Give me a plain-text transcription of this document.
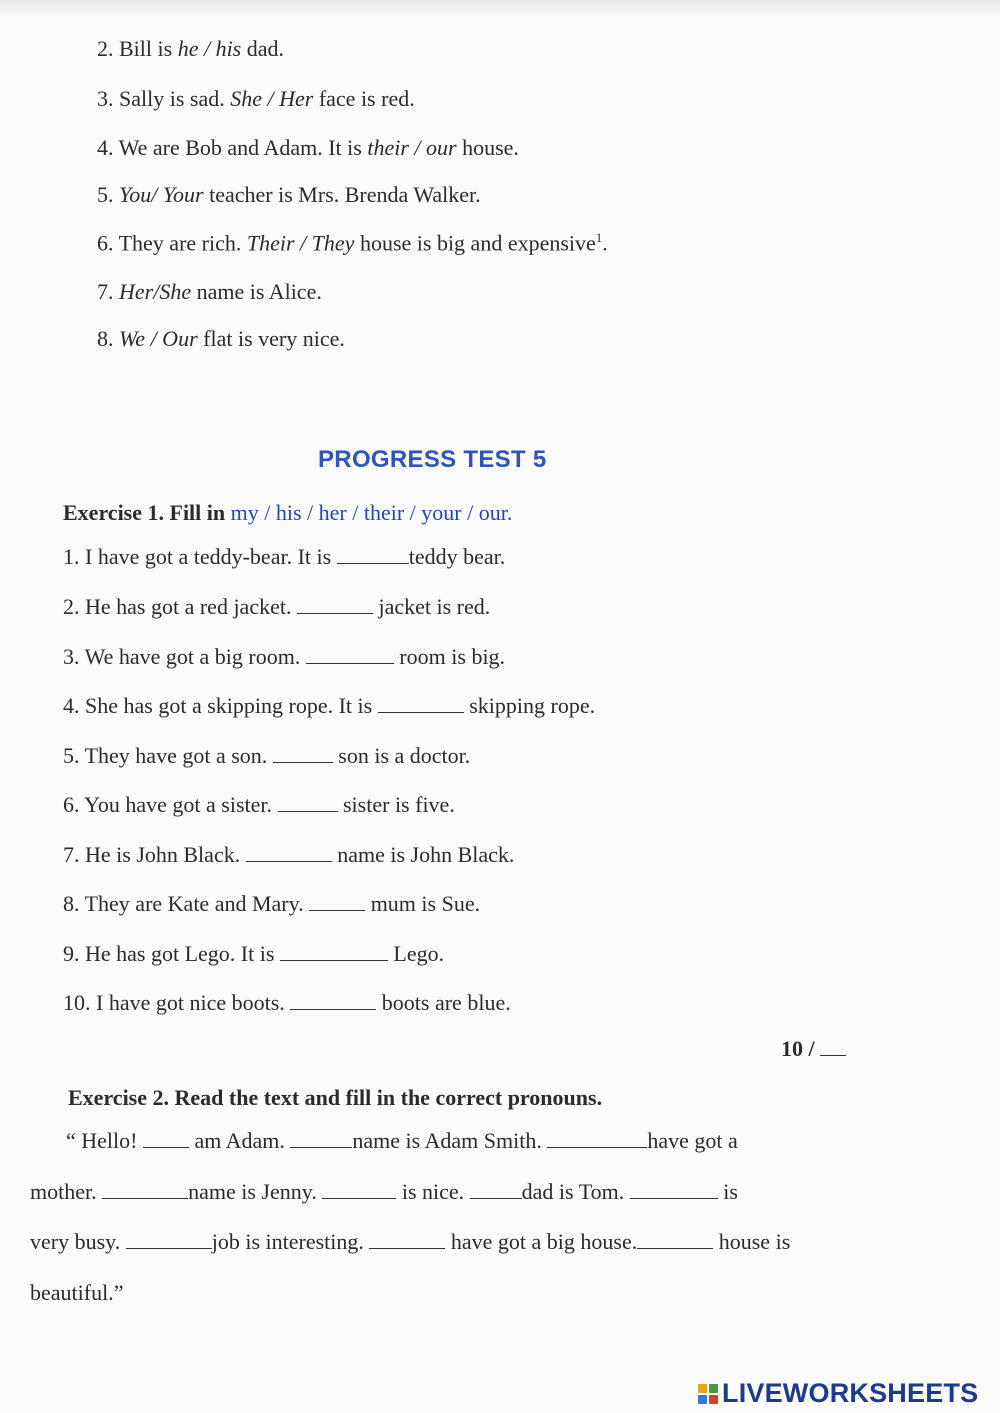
2. Bill is he / his dad.
3. Sally is sad. She / Her face is red.
4. We are Bob and Adam. It is their / our house.
5. You/ Your teacher is Mrs. Brenda Walker.
6. They are rich. Their / They house is big and expensive$^1$.
7. Her/She name is Alice.
8. We / Our flat is very nice.
PROGRESS TEST 5
Exercise 1. Fill in my / his / her / their / your / our.
1. I have got a teddy-bear. It is	teddy bear.
2. He has got a red jacket.	jacket is red.
3. We have got a big room.	room is big.
4. She has got a skipping rope. It is	skipping rope.
5. They have got a son.	son is a doctor.
6. You have got a sister.	sister is five.
7. He is John Black.	name is John Black.
8. They are Kate and Mary.	mum is Sue.
9. He has got Lego. It is	Lego.
10. I have got nice boots.	boots are blue.
10 /
Exercise 2. Read the text and fill in the correct pronouns.
“ Hello!  am Adam.	name is Adam Smith.	have got a
mother.	name is Jenny.	is nice. dad is Tom.	is
very busy.	job is interesting.	have got a big house.	house is
beautiful.”
LIVEWORKSHEETS
